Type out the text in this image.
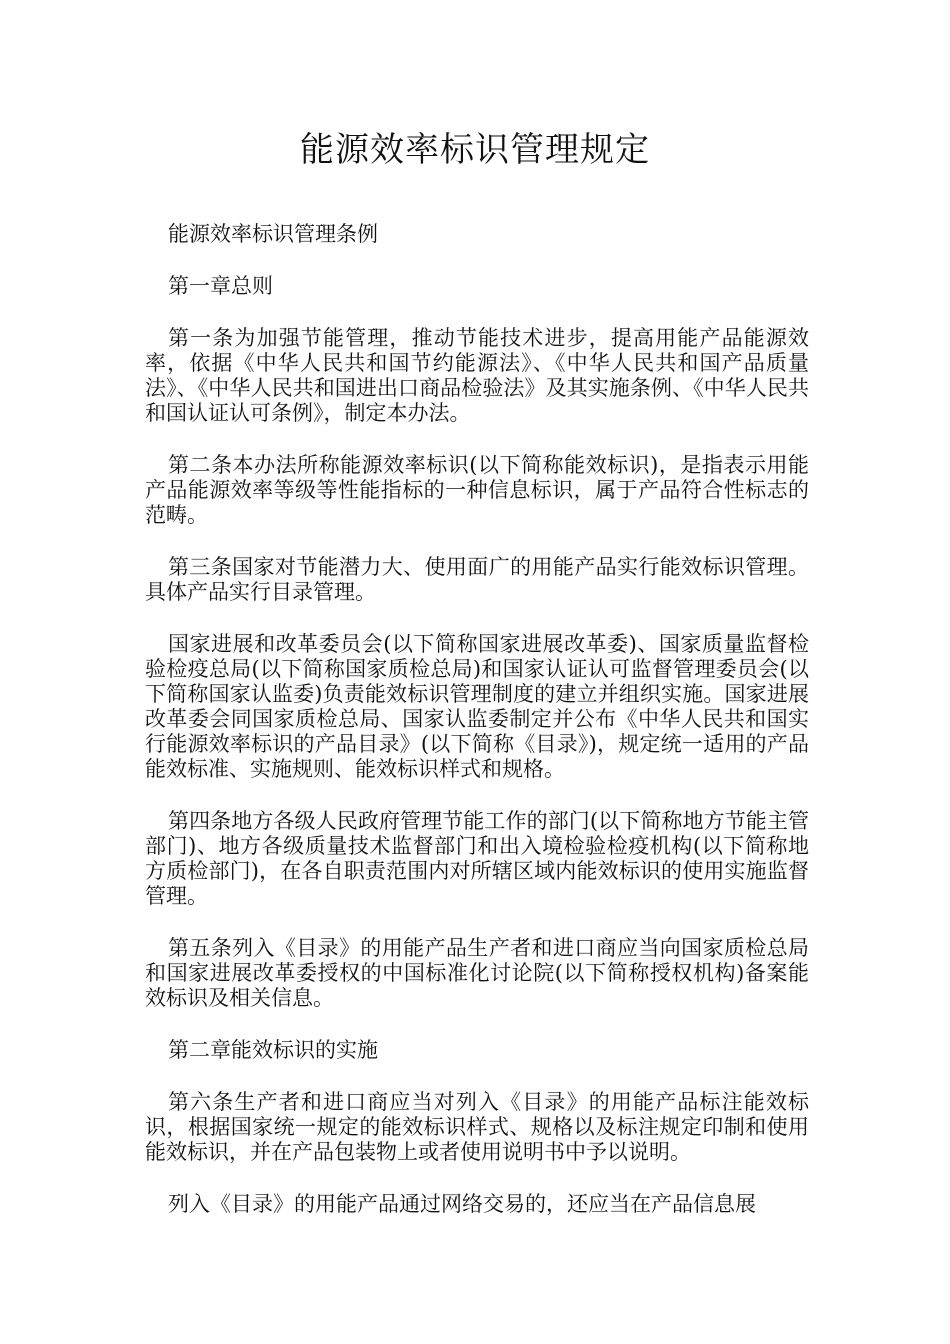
能源效率标识管理规定

能源效率标识管理条例

第一章总则

第一条为加强节能管理，推动节能技术进步，提高用能产品能源效率，依据《中华人民共和国节约能源法》、《中华人民共和国产品质量法》、《中华人民共和国进出口商品检验法》及其实施条例、《中华人民共和国认证认可条例》，制定本办法。

第二条本办法所称能源效率标识(以下简称能效标识)，是指表示用能产品能源效率等级等性能指标的一种信息标识，属于产品符合性标志的范畴。

第三条国家对节能潜力大、使用面广的用能产品实行能效标识管理。具体产品实行目录管理。

国家进展和改革委员会(以下简称国家进展改革委)、国家质量监督检验检疫总局(以下简称国家质检总局)和国家认证认可监督管理委员会(以下简称国家认监委)负责能效标识管理制度的建立并组织实施。国家进展改革委会同国家质检总局、国家认监委制定并公布《中华人民共和国实行能源效率标识的产品目录》(以下简称《目录》)，规定统一适用的产品能效标准、实施规则、能效标识样式和规格。

第四条地方各级人民政府管理节能工作的部门(以下简称地方节能主管部门)、地方各级质量技术监督部门和出入境检验检疫机构(以下简称地方质检部门)，在各自职责范围内对所辖区域内能效标识的使用实施监督管理。

第五条列入《目录》的用能产品生产者和进口商应当向国家质检总局和国家进展改革委授权的中国标准化讨论院(以下简称授权机构)备案能效标识及相关信息。

第二章能效标识的实施

第六条生产者和进口商应当对列入《目录》的用能产品标注能效标识，根据国家统一规定的能效标识样式、规格以及标注规定印制和使用能效标识，并在产品包装物上或者使用说明书中予以说明。

列入《目录》的用能产品通过网络交易的，还应当在产品信息展
